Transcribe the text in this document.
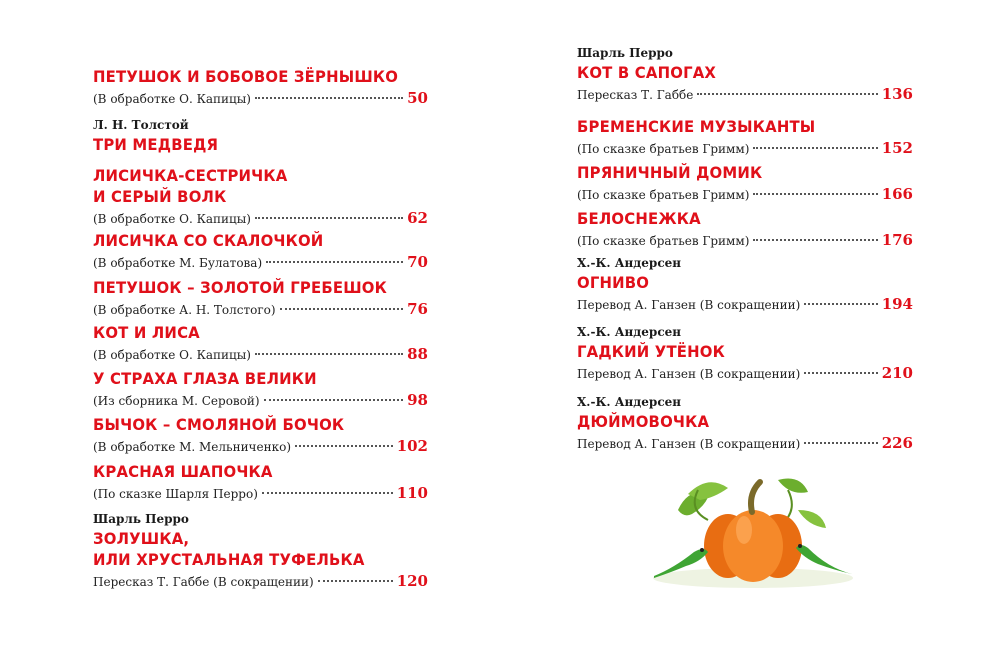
ПЕТУШОК И БОБОВОЕ ЗЁРНЫШКО
(В обработке О. Капицы)	50
Л. Н. Толстой
ТРИ МЕДВЕДЯ
ЛИСИЧКА-СЕСТРИЧКА
И СЕРЫЙ ВОЛК
(В обработке О. Капицы)	62
ЛИСИЧКА СО СКАЛОЧКОЙ
(В обработке М. Булатова)	70
ПЕТУШОК – ЗОЛОТОЙ ГРЕБЕШОК
(В обработке А. Н. Толстого)	76
КОТ И ЛИСА
(В обработке О. Капицы)	88
У СТРАХА ГЛАЗА ВЕЛИКИ
(Из сборника М. Серовой)	98
БЫЧОК – СМОЛЯНОЙ БОЧОК
(В обработке М. Мельниченко)	102
КРАСНАЯ ШАПОЧКА
(По сказке Шарля Перро)	110
Шарль Перро
ЗОЛУШКА,
ИЛИ ХРУСТАЛЬНАЯ ТУФЕЛЬКА
Пересказ Т. Габбе (В сокращении)	120
Шарль Перро
КОТ В САПОГАХ
Пересказ Т. Габбе	136
БРЕМЕНСКИЕ МУЗЫКАНТЫ
(По сказке братьев Гримм)	152
ПРЯНИЧНЫЙ ДОМИК
(По сказке братьев Гримм)	166
БЕЛОСНЕЖКА
(По сказке братьев Гримм)	176
Х.-К. Андерсен
ОГНИВО
Перевод А. Ганзен (В сокращении)	194
Х.-К. Андерсен
ГАДКИЙ УТЁНОК
Перевод А. Ганзен (В сокращении)	210
Х.-К. Андерсен
ДЮЙМОВОЧКА
Перевод А. Ганзен (В сокращении)	226
